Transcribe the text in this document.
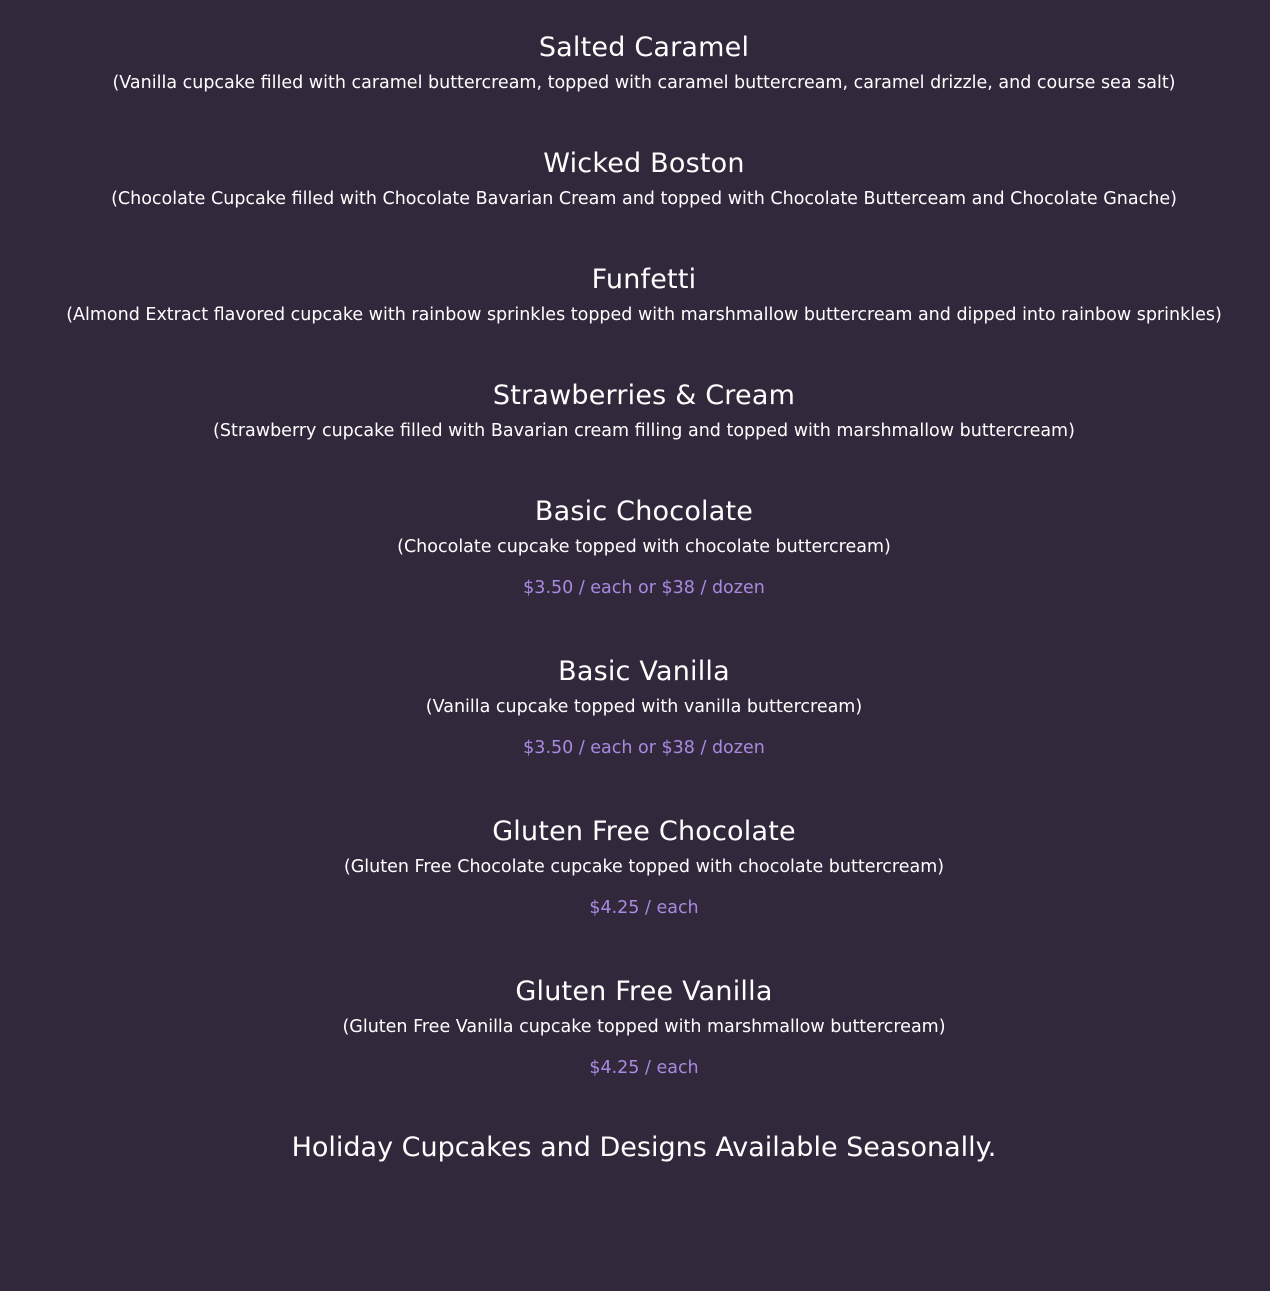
Salted Caramel

(Vanilla cupcake filled with caramel buttercream, topped with caramel buttercream, caramel drizzle, and course sea salt)

Wicked Boston

(Chocolate Cupcake filled with Chocolate Bavarian Cream and topped with Chocolate Butterceam and Chocolate Gnache)

Funfetti

(Almond Extract flavored cupcake with rainbow sprinkles topped with marshmallow buttercream and dipped into rainbow sprinkles)

Strawberries & Cream

(Strawberry cupcake filled with Bavarian cream filling and topped with marshmallow buttercream)

Basic Chocolate

(Chocolate cupcake topped with chocolate buttercream)

$3.50 / each or $38 / dozen

Basic Vanilla

(Vanilla cupcake topped with vanilla buttercream)

$3.50 / each or $38 / dozen

Gluten Free Chocolate

(Gluten Free Chocolate cupcake topped with chocolate buttercream)

$4.25 / each

Gluten Free Vanilla

(Gluten Free Vanilla cupcake topped with marshmallow buttercream)

$4.25 / each

Holiday Cupcakes and Designs Available Seasonally.
